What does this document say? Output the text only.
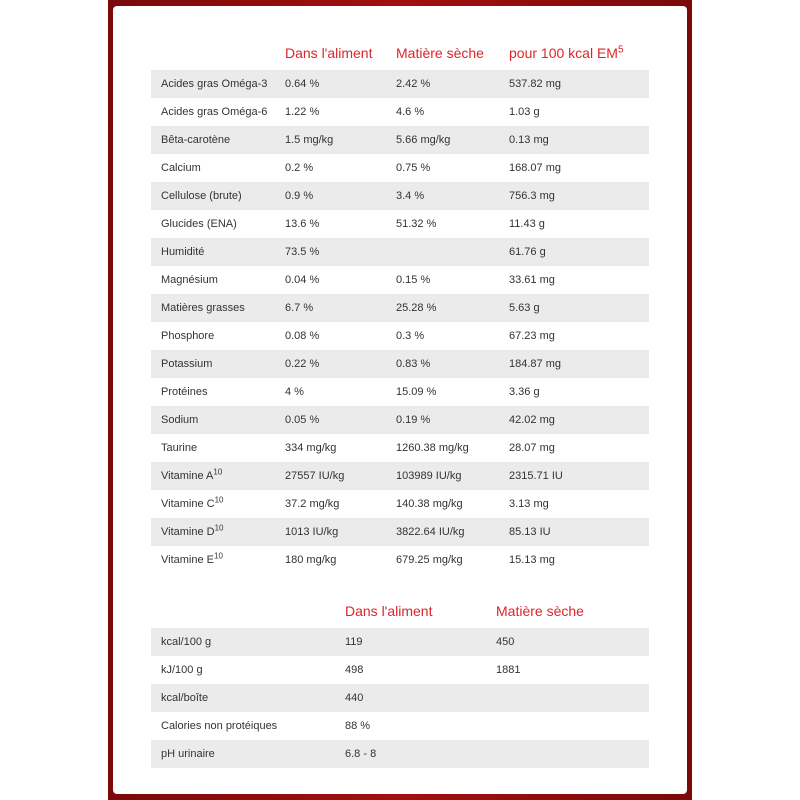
	Dans l'aliment	Matière sèche	pour 100 kcal $EM^5$
Acides gras Oméga-3	0.64 %	2.42 %	537.82 mg
Acides gras Oméga-6	1.22 %	4.6 %	1.03 g
Bêta-carotène	1.5 mg/kg	5.66 mg/kg	0.13 mg
Calcium	0.2 %	0.75 %	168.07 mg
Cellulose (brute)	0.9 %	3.4 %	756.3 mg
Glucides (ENA)	13.6 %	51.32 %	11.43 g
Humidité	73.5 %		61.76 g
Magnésium	0.04 %	0.15 %	33.61 mg
Matières grasses	6.7 %	25.28 %	5.63 g
Phosphore	0.08 %	0.3 %	67.23 mg
Potassium	0.22 %	0.83 %	184.87 mg
Protéines	4 %	15.09 %	3.36 g
Sodium	0.05 %	0.19 %	42.02 mg
Taurine	334 mg/kg	1260.38 mg/kg	28.07 mg
Vitamine $A^{10}$	27557 IU/kg	103989 IU/kg	2315.71 IU
Vitamine $C^{10}$	37.2 mg/kg	140.38 mg/kg	3.13 mg
Vitamine $D^{10}$	1013 IU/kg	3822.64 IU/kg	85.13 IU
Vitamine $E^{10}$	180 mg/kg	679.25 mg/kg	15.13 mg
	Dans l'aliment	Matière sèche
kcal/100 g	119	450
kJ/100 g	498	1881
kcal/boîte	440	
Calories non protéiques	88 %	
pH urinaire	6.8 - 8	
